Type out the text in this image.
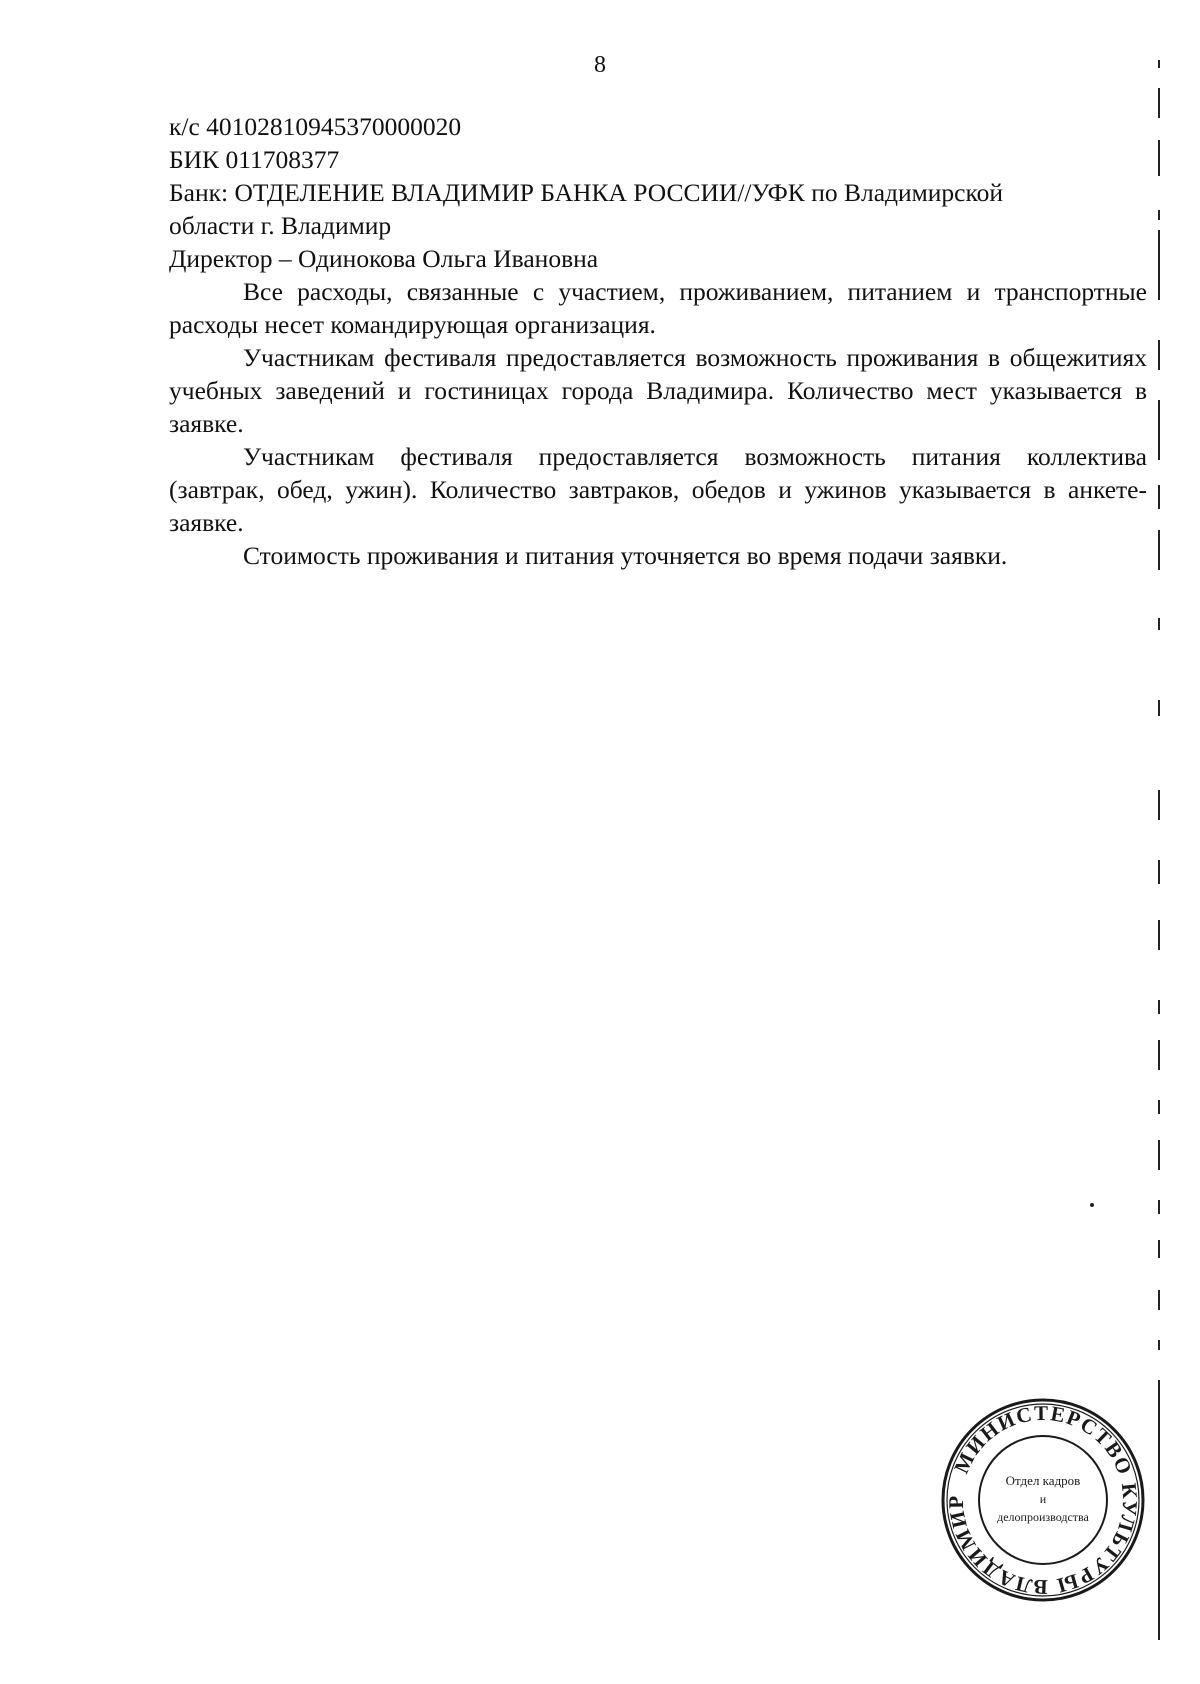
8
к/с 40102810945370000020
БИК 011708377
Банк: ОТДЕЛЕНИЕ ВЛАДИМИР БАНКА РОССИИ//УФК по Владимирской
области г. Владимир
Директор – Одинокова Ольга Ивановна

Все расходы, связанные с участием, проживанием, питанием и транспортные расходы несет командирующая организация.

Участникам фестиваля предоставляется возможность проживания в общежитиях учебных заведений и гостиницах города Владимира. Количество мест указывается в заявке.

Участникам фестиваля предоставляется возможность питания коллектива (завтрак, обед, ужин). Количество завтраков, обедов и ужинов указывается в анкете-заявке.

Стоимость проживания и питания уточняется во время подачи заявки.

МИНИСТЕРСТВО КУЛЬТУРЫ ВЛАДИМИР
Отдел кадров
и
делопроизводства
